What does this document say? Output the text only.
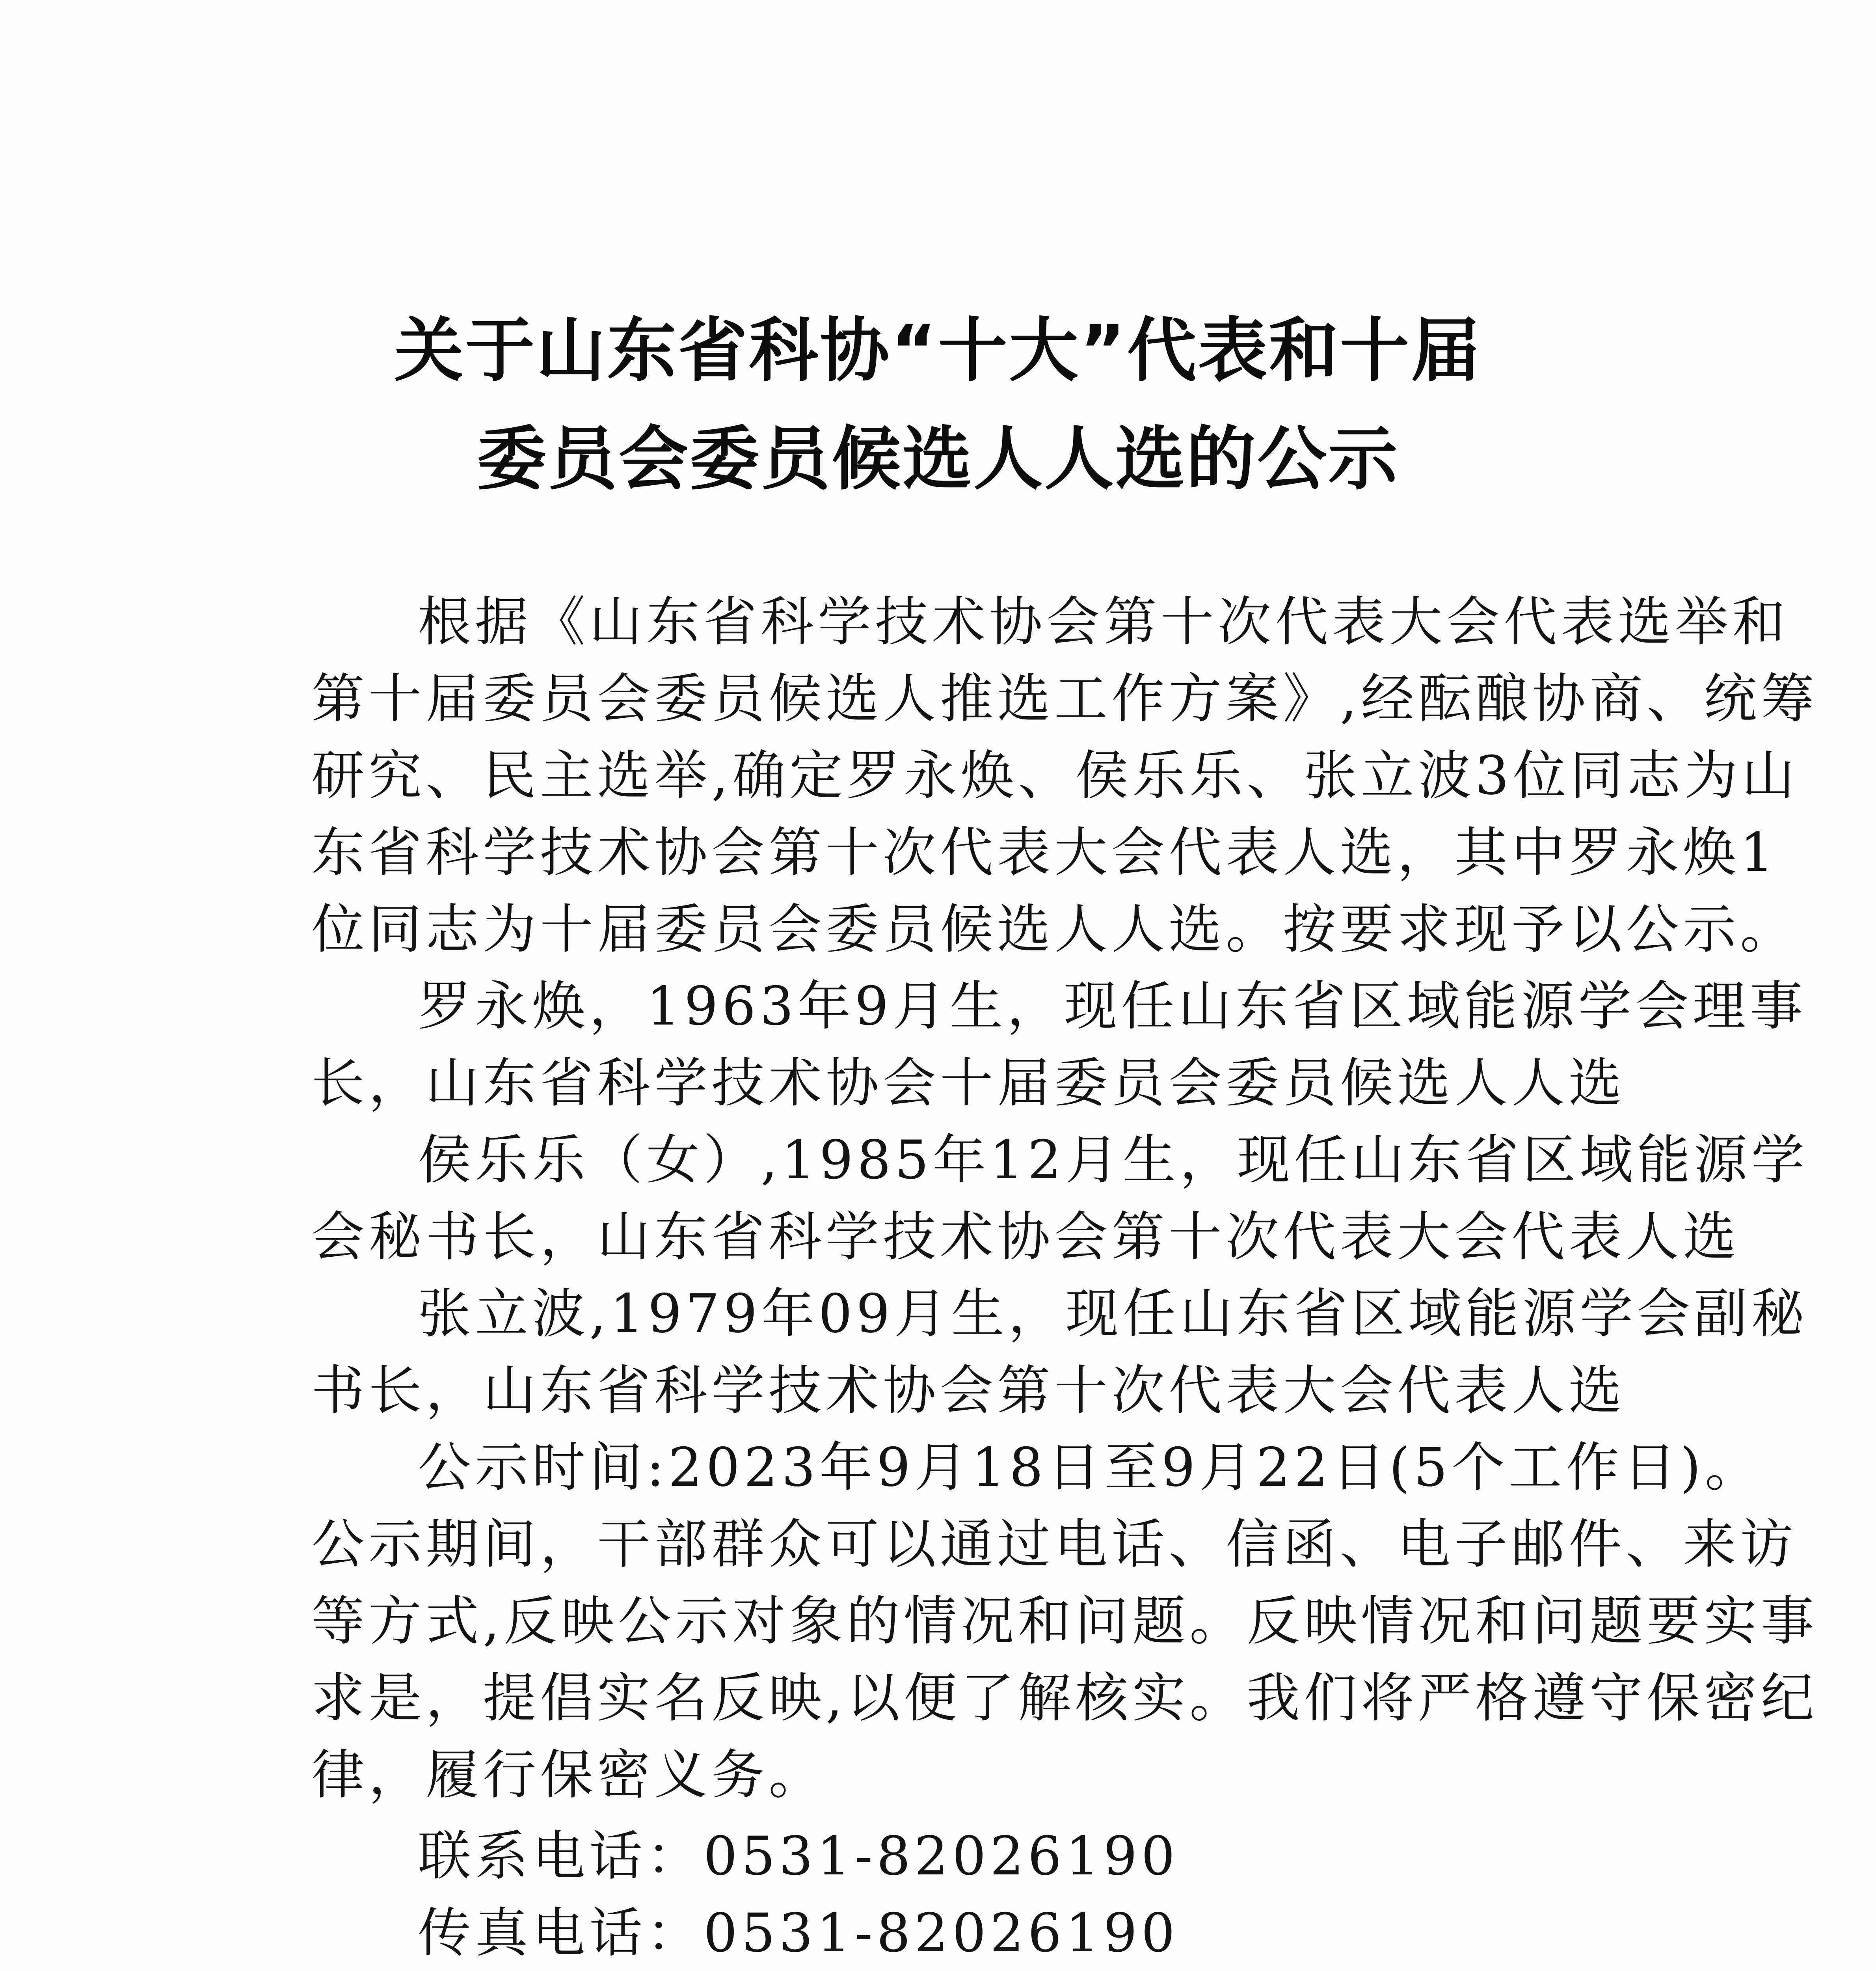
关于山东省科协“十大”代表和十届
委员会委员候选人人选的公示
根据《山东省科学技术协会第十次代表大会代表选举和
第十届委员会委员候选人推选工作方案》,经酝酿协商、统筹
研究、民主选举,确定罗永焕、侯乐乐、张立波3位同志为山
东省科学技术协会第十次代表大会代表人选，其中罗永焕1
位同志为十届委员会委员候选人人选。按要求现予以公示。
罗永焕，1963年9月生，现任山东省区域能源学会理事
长，山东省科学技术协会十届委员会委员候选人人选
侯乐乐（女）,1985年12月生，现任山东省区域能源学
会秘书长，山东省科学技术协会第十次代表大会代表人选
张立波,1979年09月生，现任山东省区域能源学会副秘
书长，山东省科学技术协会第十次代表大会代表人选
公示时间:2023年9月18日至9月22日(5个工作日)。
公示期间，干部群众可以通过电话、信函、电子邮件、来访
等方式,反映公示对象的情况和问题。反映情况和问题要实事
求是，提倡实名反映,以便了解核实。我们将严格遵守保密纪
律，履行保密义务。
联系电话：0531-82026190
传真电话：0531-82026190
